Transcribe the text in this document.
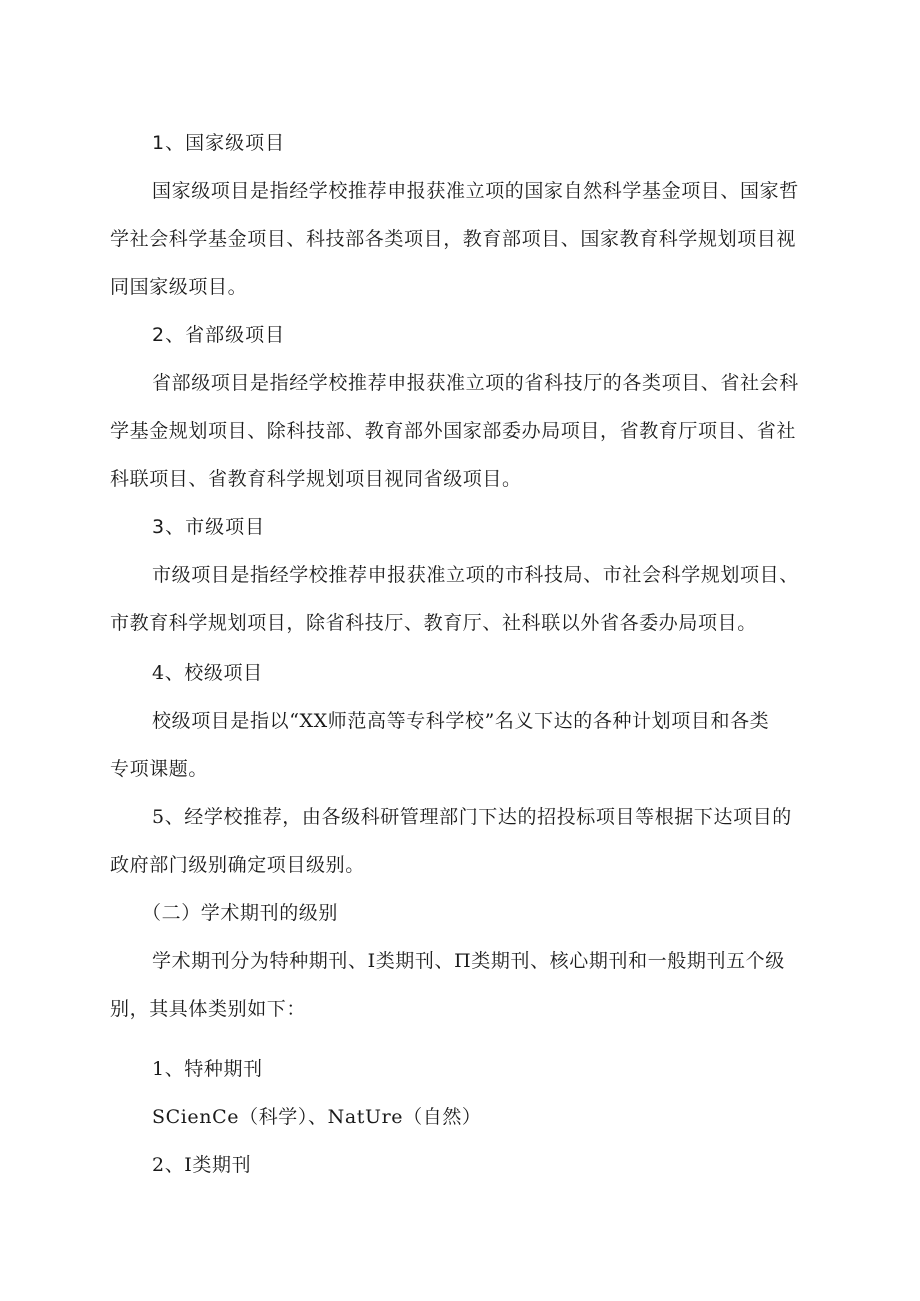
1、国家级项目
国家级项目是指经学校推荐申报获准立项的国家自然科学基金项目、国家哲
学社会科学基金项目、科技部各类项目，教育部项目、国家教育科学规划项目视
同国家级项目。
2、省部级项目
省部级项目是指经学校推荐申报获准立项的省科技厅的各类项目、省社会科
学基金规划项目、除科技部、教育部外国家部委办局项目，省教育厅项目、省社
科联项目、省教育科学规划项目视同省级项目。
3、市级项目
市级项目是指经学校推荐申报获准立项的市科技局、市社会科学规划项目、
市教育科学规划项目，除省科技厅、教育厅、社科联以外省各委办局项目。
4、校级项目
校级项目是指以“XX师范高等专科学校”名义下达的各种计划项目和各类
专项课题。
5、经学校推荐，由各级科研管理部门下达的招投标项目等根据下达项目的
政府部门级别确定项目级别。
（二）学术期刊的级别
学术期刊分为特种期刊、I类期刊、Π类期刊、核心期刊和一般期刊五个级
别，其具体类别如下：
1、特种期刊
SCienCe（科学）、NatUre（自然）
2、I类期刊
